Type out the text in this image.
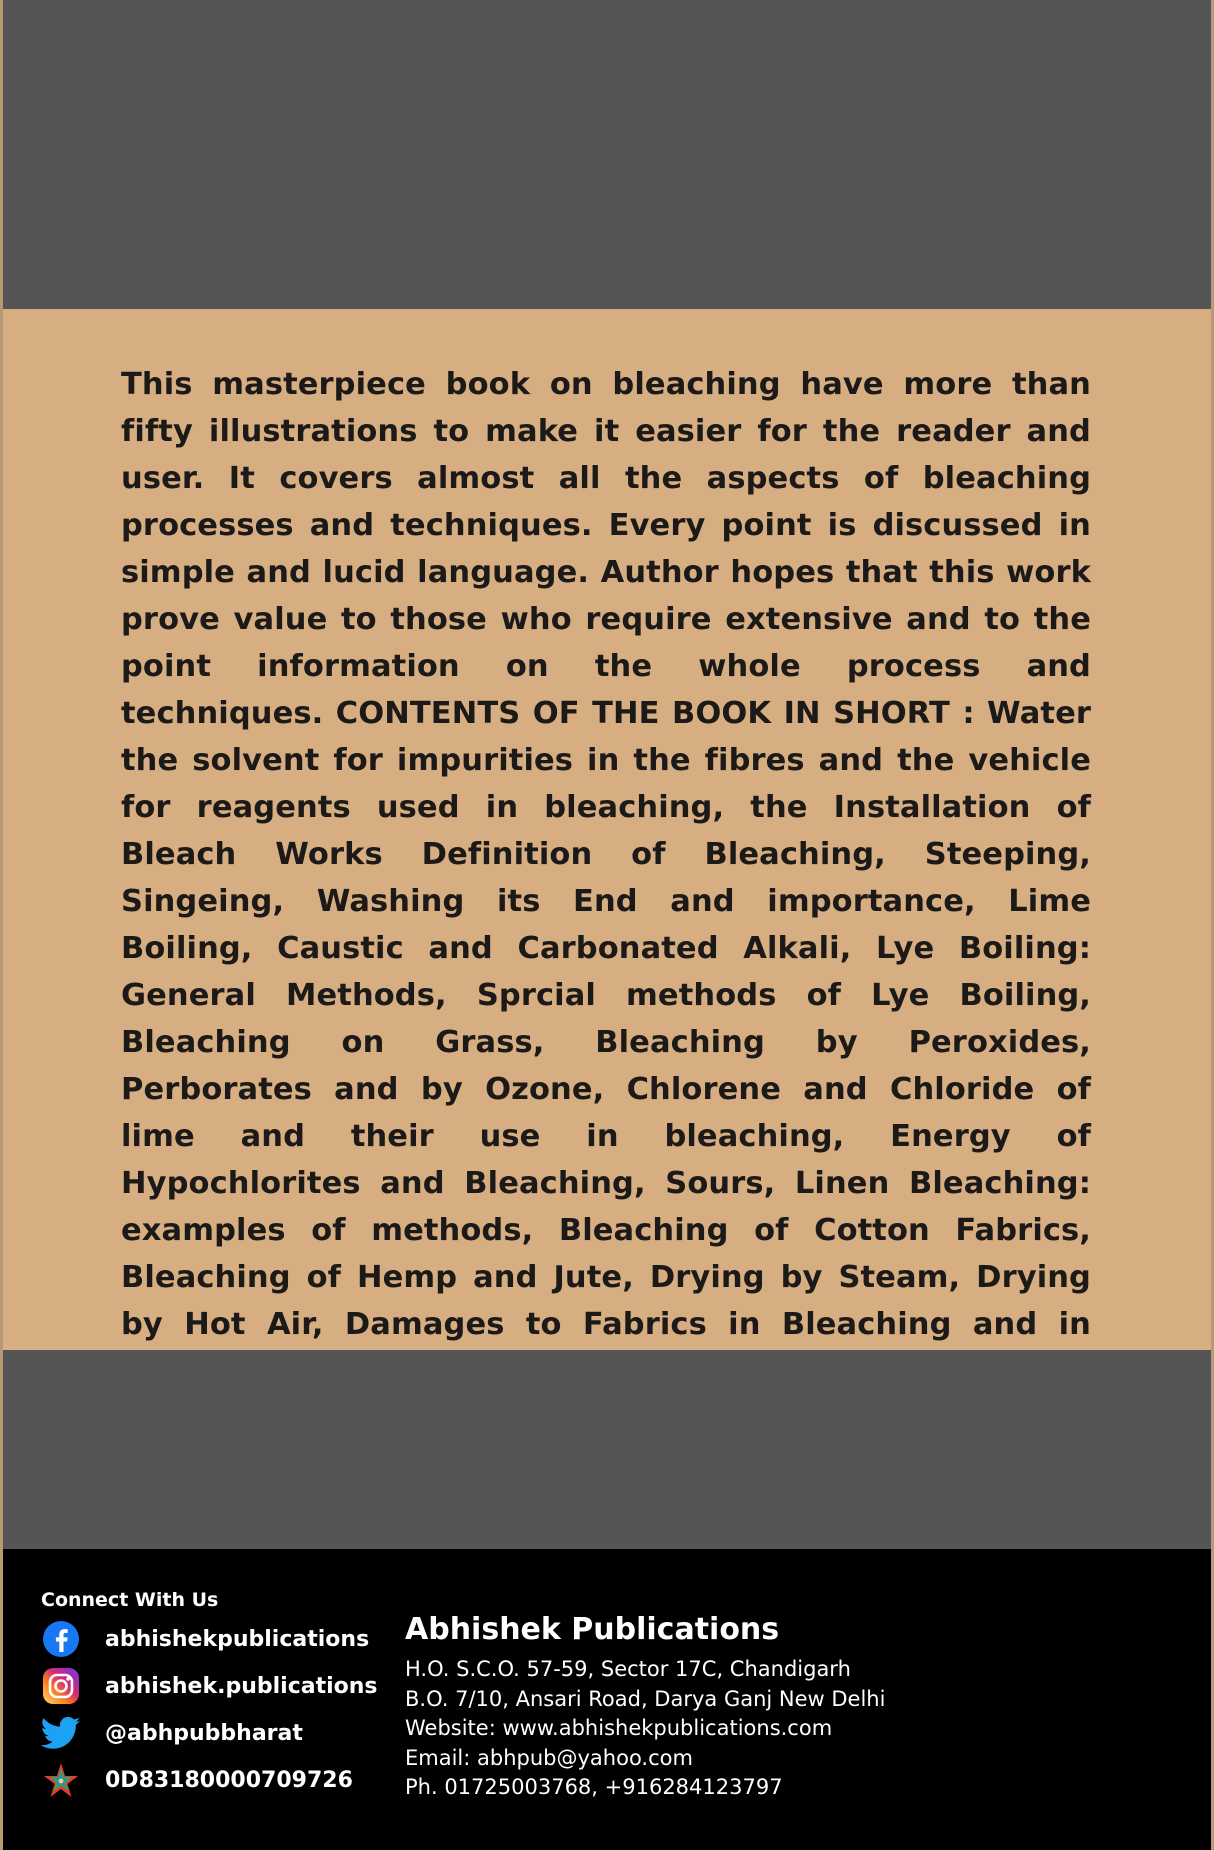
This masterpiece book on bleaching have more than fifty illustrations to make it easier for the reader and user. It covers almost all the aspects of bleaching processes and techniques. Every point is discussed in simple and lucid language. Author hopes that this work prove value to those who require extensive and to the point information on the whole process and techniques. CONTENTS OF THE BOOK IN SHORT : Water the solvent for impurities in the fibres and the vehicle for reagents used in bleaching, the Installation of Bleach Works Definition of Bleaching, Steeping, Singeing, Washing its End and importance, Lime Boiling, Caustic and Carbonated Alkali, Lye Boiling: General Methods, Sprcial methods of Lye Boiling, Bleaching on Grass, Bleaching by Peroxides, Perborates and by Ozone, Chlorene and Chloride of lime and their use in bleaching, Energy of Hypochlorites and Bleaching, Sours, Linen Bleaching: examples of methods, Bleaching of Cotton Fabrics, Bleaching of Hemp and Jute, Drying by Steam, Drying by Hot Air, Damages to Fabrics in Bleaching and in

Connect With Us
abhishekpublications
abhishek.publications
@abhpubbharat
0D83180000709726
Abhishek Publications
H.O. S.C.O. 57-59, Sector 17C, Chandigarh
B.O. 7/10, Ansari Road, Darya Ganj New Delhi
Website: www.abhishekpublications.com
Email: abhpub@yahoo.com
Ph. 01725003768, +916284123797
